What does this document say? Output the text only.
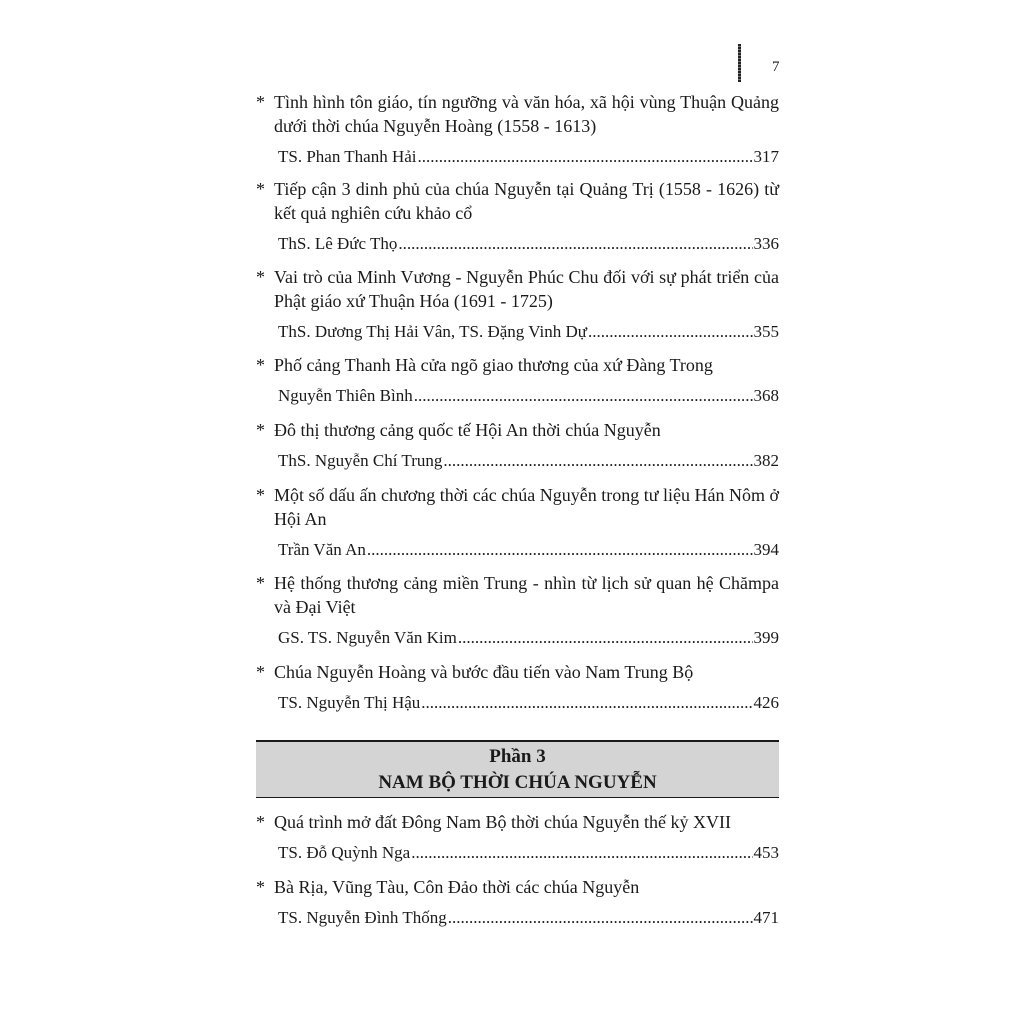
7
* Tình hình tôn giáo, tín ngưỡng và văn hóa, xã hội vùng Thuận Quảng dưới thời chúa Nguyễn Hoàng (1558 - 1613)
TS. Phan Thanh Hải .....	317
* Tiếp cận 3 dinh phủ của chúa Nguyễn tại Quảng Trị (1558 - 1626) từ kết quả nghiên cứu khảo cổ
ThS. Lê Đức Thọ .....	336
* Vai trò của Minh Vương - Nguyễn Phúc Chu đối với sự phát triển của Phật giáo xứ Thuận Hóa (1691 - 1725)
ThS. Dương Thị Hải Vân, TS. Đặng Vinh Dự .....	355
* Phố cảng Thanh Hà cửa ngõ giao thương của xứ Đàng Trong
Nguyễn Thiên Bình .....	368
* Đô thị thương cảng quốc tế Hội An thời chúa Nguyễn
ThS. Nguyễn Chí Trung .....	382
* Một số dấu ấn chương thời các chúa Nguyễn trong tư liệu Hán Nôm ở Hội An
Trần Văn An .....	394
* Hệ thống thương cảng miền Trung - nhìn từ lịch sử quan hệ Chămpa và Đại Việt
GS. TS. Nguyễn Văn Kim .....	399
* Chúa Nguyễn Hoàng và bước đầu tiến vào Nam Trung Bộ
TS. Nguyễn Thị Hậu .....	426
Phần 3
NAM BỘ THỜI CHÚA NGUYỄN
* Quá trình mở đất Đông Nam Bộ thời chúa Nguyễn thế kỷ XVII
TS. Đỗ Quỳnh Nga .....	453
* Bà Rịa, Vũng Tàu, Côn Đảo thời các chúa Nguyễn
TS. Nguyễn Đình Thống .....	471
